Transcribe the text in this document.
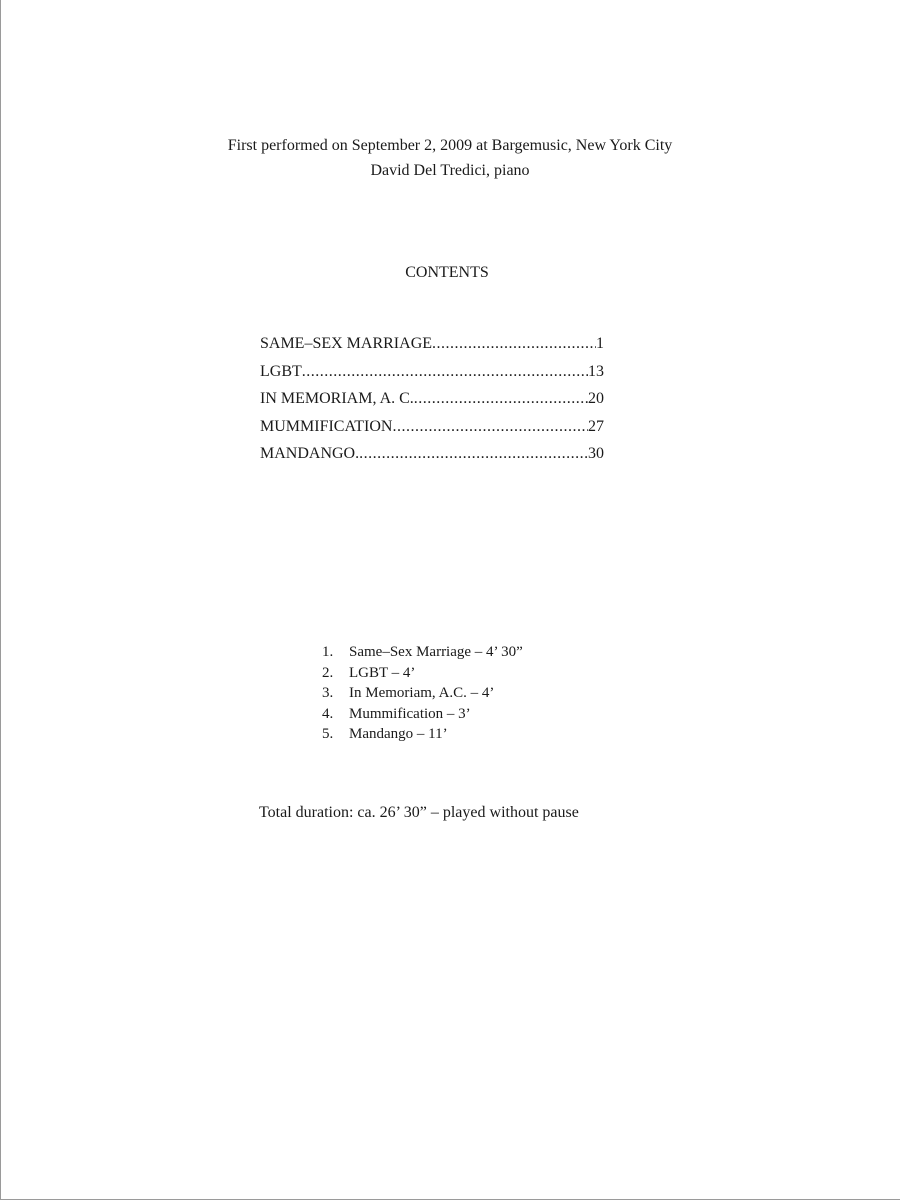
First performed on September 2, 2009 at Bargemusic, New York City
David Del Tredici, piano
CONTENTS
SAME–SEX MARRIAGE .....	1
LGBT .....	13
IN MEMORIAM, A. C. .....	20
MUMMIFICATION .....	27
MANDANGO. .....	30
1. Same–Sex Marriage – 4’ 30”
2. LGBT – 4’
3. In Memoriam, A.C. – 4’
4. Mummification – 3’
5. Mandango – 11’
Total duration: ca. 26’ 30” – played without pause
